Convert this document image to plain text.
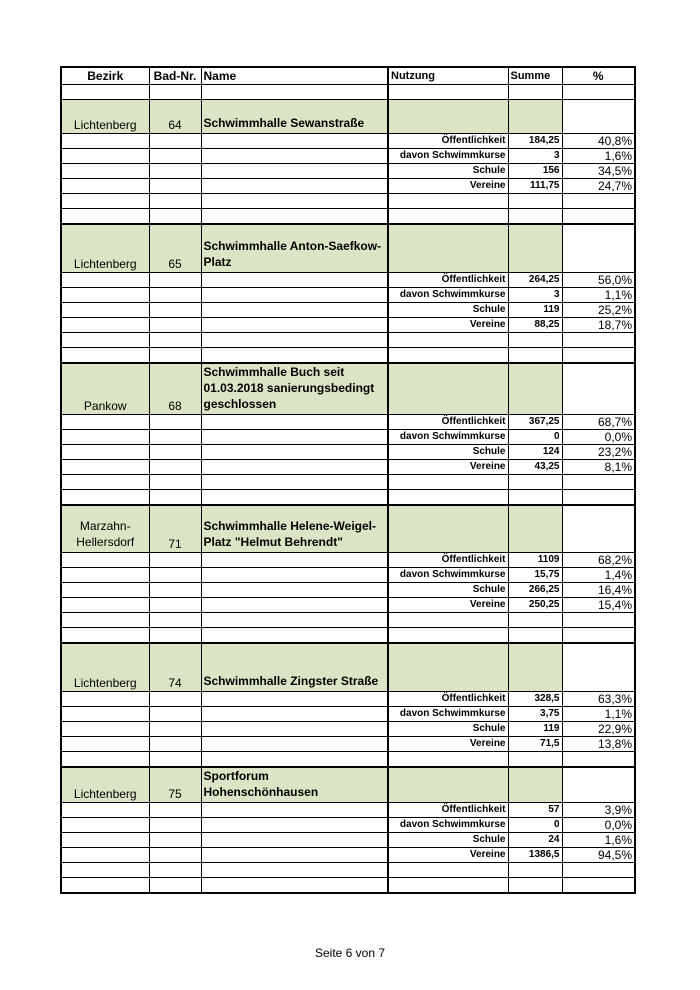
Bezirk	Bad-Nr.	Name	Nutzung	Summe	%

Lichtenberg	64	Schwimmhalle Sewanstraße			
			Öffentlichkeit	184,25	40,8%
			davon Schwimmkurse	3	1,6%
			Schule	156	34,5%
			Vereine	111,75	24,7%

Lichtenberg	65	Schwimmhalle Anton-Saefkow-Platz			
			Öffentlichkeit	264,25	56,0%
			davon Schwimmkurse	3	1,1%
			Schule	119	25,2%
			Vereine	88,25	18,7%

Pankow	68	Schwimmhalle Buch seit 01.03.2018 sanierungsbedingt geschlossen			
			Öffentlichkeit	367,25	68,7%
			davon Schwimmkurse	0	0,0%
			Schule	124	23,2%
			Vereine	43,25	8,1%

Marzahn-Hellersdorf	71	Schwimmhalle Helene-Weigel-Platz "Helmut Behrendt"			
			Öffentlichkeit	1109	68,2%
			davon Schwimmkurse	15,75	1,4%
			Schule	266,25	16,4%
			Vereine	250,25	15,4%

Lichtenberg	74	Schwimmhalle Zingster Straße			
			Öffentlichkeit	328,5	63,3%
			davon Schwimmkurse	3,75	1,1%
			Schule	119	22,9%
			Vereine	71,5	13,8%

Lichtenberg	75	Sportforum Hohenschönhausen			
			Öffentlichkeit	57	3,9%
			davon Schwimmkurse	0	0,0%
			Schule	24	1,6%
			Vereine	1386,5	94,5%

Seite 6 von 7
